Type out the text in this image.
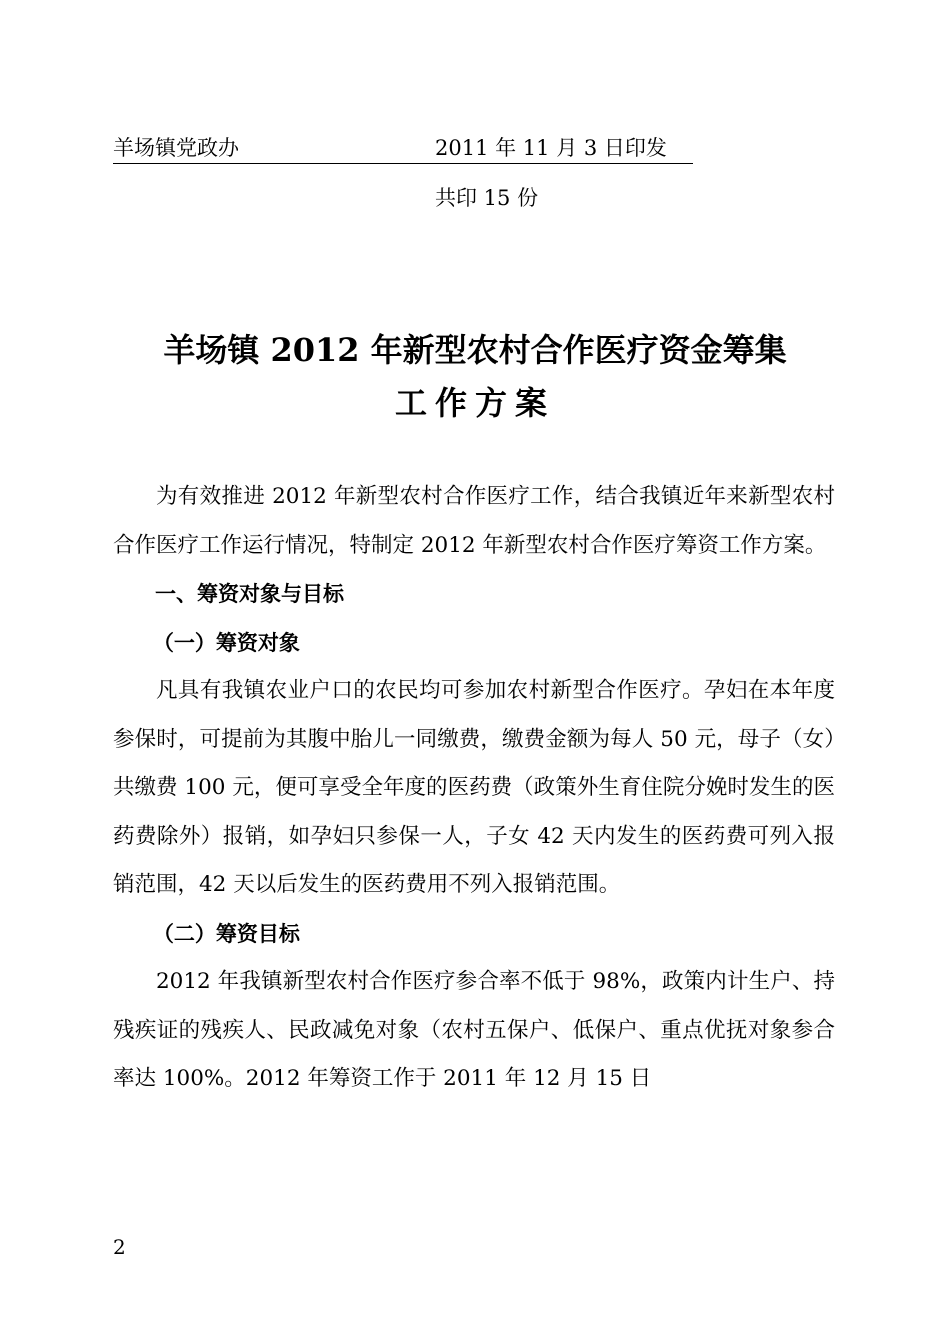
羊场镇党政办	2011 年 11 月 3 日印发
共印 15 份
羊场镇 2012 年新型农村合作医疗资金筹集
工作方案

为有效推进 2012 年新型农村合作医疗工作，结合我镇近年来新型农村合作医疗工作运行情况，特制定 2012 年新型农村合作医疗筹资工作方案。

一、筹资对象与目标

（一）筹资对象

凡具有我镇农业户口的农民均可参加农村新型合作医疗。孕妇在本年度参保时，可提前为其腹中胎儿一同缴费，缴费金额为每人 50 元，母子（女）共缴费 100 元，便可享受全年度的医药费（政策外生育住院分娩时发生的医药费除外）报销，如孕妇只参保一人，子女 42 天内发生的医药费可列入报销范围，42 天以后发生的医药费用不列入报销范围。

（二）筹资目标

2012 年我镇新型农村合作医疗参合率不低于 98%，政策内计生户、持残疾证的残疾人、民政减免对象（农村五保户、低保户、重点优抚对象参合率达 100%。2012 年筹资工作于 2011 年 12 月 15 日

2
